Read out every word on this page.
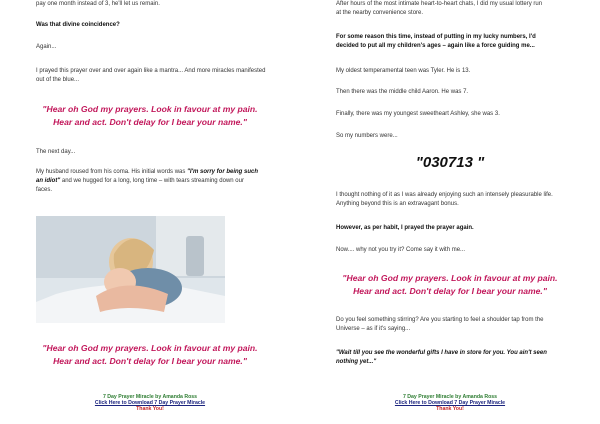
pay one month instead of 3, he'll let us remain.

Was that divine coincidence?

Again...

I prayed this prayer over and over again like a mantra... And more miracles manifested out of the blue...

"Hear oh God my prayers. Look in favour at my pain.
Hear and act. Don't delay for I bear your name."

The next day...

My husband roused from his coma. His initial words was "I'm sorry for being such an idiot" and we hugged for a long, long time – with tears streaming down our faces.

"Hear oh God my prayers. Look in favour at my pain.
Hear and act. Don't delay for I bear your name."
7 Day Prayer Miracle by Amanda Ross
Click Here to Download 7 Day Prayer Miracle
Thank You!

After hours of the most intimate heart-to-heart chats, I did my usual lottery run at the nearby convenience store.

For some reason this time, instead of putting in my lucky numbers, I'd decided to put all my children's ages – again like a force guiding me...

My oldest temperamental teen was Tyler. He is 13.

Then there was the middle child Aaron. He was 7.

Finally, there was my youngest sweetheart Ashley, she was 3.

So my numbers were...

"030713 "

I thought nothing of it as I was already enjoying such an intensely pleasurable life. Anything beyond this is an extravagant bonus.

However, as per habit, I prayed the prayer again.

Now.... why not you try it? Come say it with me...

"Hear oh God my prayers. Look in favour at my pain.
Hear and act. Don't delay for I bear your name."

Do you feel something stirring? Are you starting to feel a shoulder tap from the Universe – as if it's saying...

"Wait till you see the wonderful gifts I have in store for you. You ain't seen nothing yet..."

7 Day Prayer Miracle by Amanda Ross
Click Here to Download 7 Day Prayer Miracle
Thank You!
